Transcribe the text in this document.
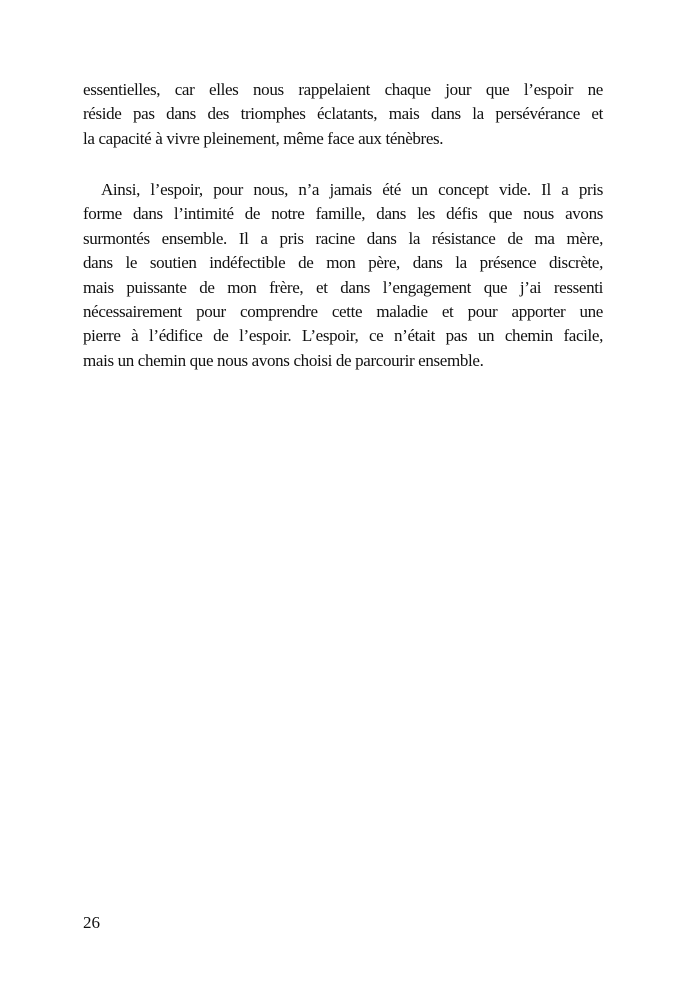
essentielles, car elles nous rappelaient chaque jour que l’espoir ne
réside pas dans des triomphes éclatants, mais dans la persévérance et
la capacité à vivre pleinement, même face aux ténèbres.
Ainsi, l’espoir, pour nous, n’a jamais été un concept vide. Il a pris
forme dans l’intimité de notre famille, dans les défis que nous avons
surmontés ensemble. Il a pris racine dans la résistance de ma mère,
dans le soutien indéfectible de mon père, dans la présence discrète,
mais puissante de mon frère, et dans l’engagement que j’ai ressenti
nécessairement pour comprendre cette maladie et pour apporter une
pierre à l’édifice de l’espoir. L’espoir, ce n’était pas un chemin facile,
mais un chemin que nous avons choisi de parcourir ensemble.
26
